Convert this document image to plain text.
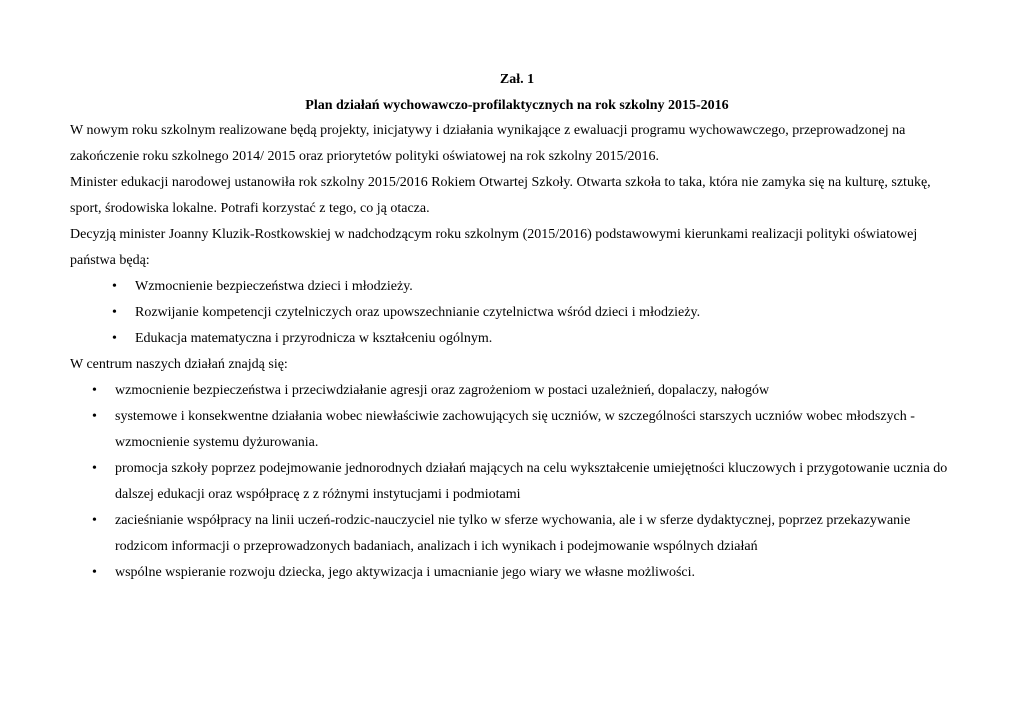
Zał. 1
Plan działań wychowawczo-profilaktycznych na rok szkolny 2015-2016

W nowym roku szkolnym realizowane będą projekty, inicjatywy i działania wynikające z ewaluacji programu wychowawczego, przeprowadzonej na zakończenie roku szkolnego 2014/ 2015 oraz priorytetów polityki oświatowej na rok szkolny 2015/2016.

Minister edukacji narodowej ustanowiła rok szkolny 2015/2016 Rokiem Otwartej Szkoły. Otwarta szkoła to taka, która nie zamyka się na kulturę, sztukę, sport, środowiska lokalne. Potrafi korzystać z tego, co ją otacza.

Decyzją minister Joanny Kluzik-Rostkowskiej w nadchodzącym roku szkolnym (2015/2016) podstawowymi kierunkami realizacji polityki oświatowej państwa będą:

• Wzmocnienie bezpieczeństwa dzieci i młodzieży.
• Rozwijanie kompetencji czytelniczych oraz upowszechnianie czytelnictwa wśród dzieci i młodzieży.
• Edukacja matematyczna i przyrodnicza w kształceniu ogólnym.

W centrum naszych działań znajdą się:

• wzmocnienie bezpieczeństwa i przeciwdziałanie agresji oraz zagrożeniom w postaci uzależnień, dopalaczy, nałogów
• systemowe i konsekwentne działania wobec niewłaściwie zachowujących się uczniów, w szczególności starszych uczniów wobec młodszych - wzmocnienie systemu dyżurowania.
• promocja szkoły poprzez podejmowanie jednorodnych działań mających na celu wykształcenie umiejętności kluczowych i przygotowanie ucznia do dalszej edukacji oraz współpracę z z różnymi instytucjami i podmiotami
• zacieśnianie współpracy na linii uczeń-rodzic-nauczyciel nie tylko w sferze wychowania, ale i w sferze dydaktycznej, poprzez przekazywanie rodzicom informacji o przeprowadzonych badaniach, analizach i ich wynikach i podejmowanie wspólnych działań
• wspólne wspieranie rozwoju dziecka, jego aktywizacja i umacnianie jego wiary we własne możliwości.
